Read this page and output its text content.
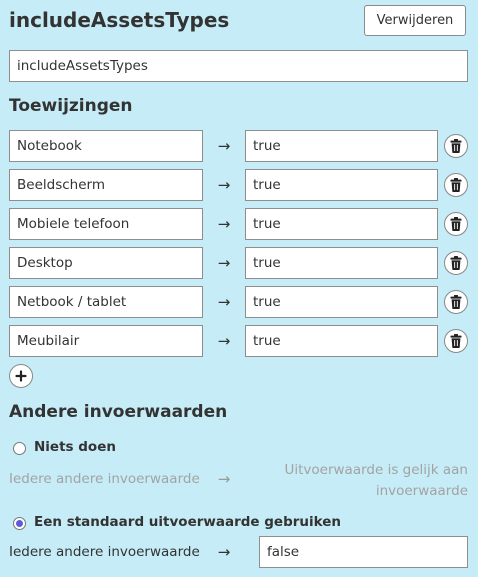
includeAssetsTypes	Verwijderen
includeAssetsTypes
Toewijzingen
Notebook	→	true
Beeldscherm	→	true
Mobiele telefoon	→	true
Desktop	→	true
Netbook / tablet	→	true
Meubilair	→	true
Andere invoerwaarden
Niets doen
Iedere andere invoerwaarde →	Uitvoerwaarde is gelijk aan
invoerwaarde
Een standaard uitvoerwaarde gebruiken
Iedere andere invoerwaarde →	false
